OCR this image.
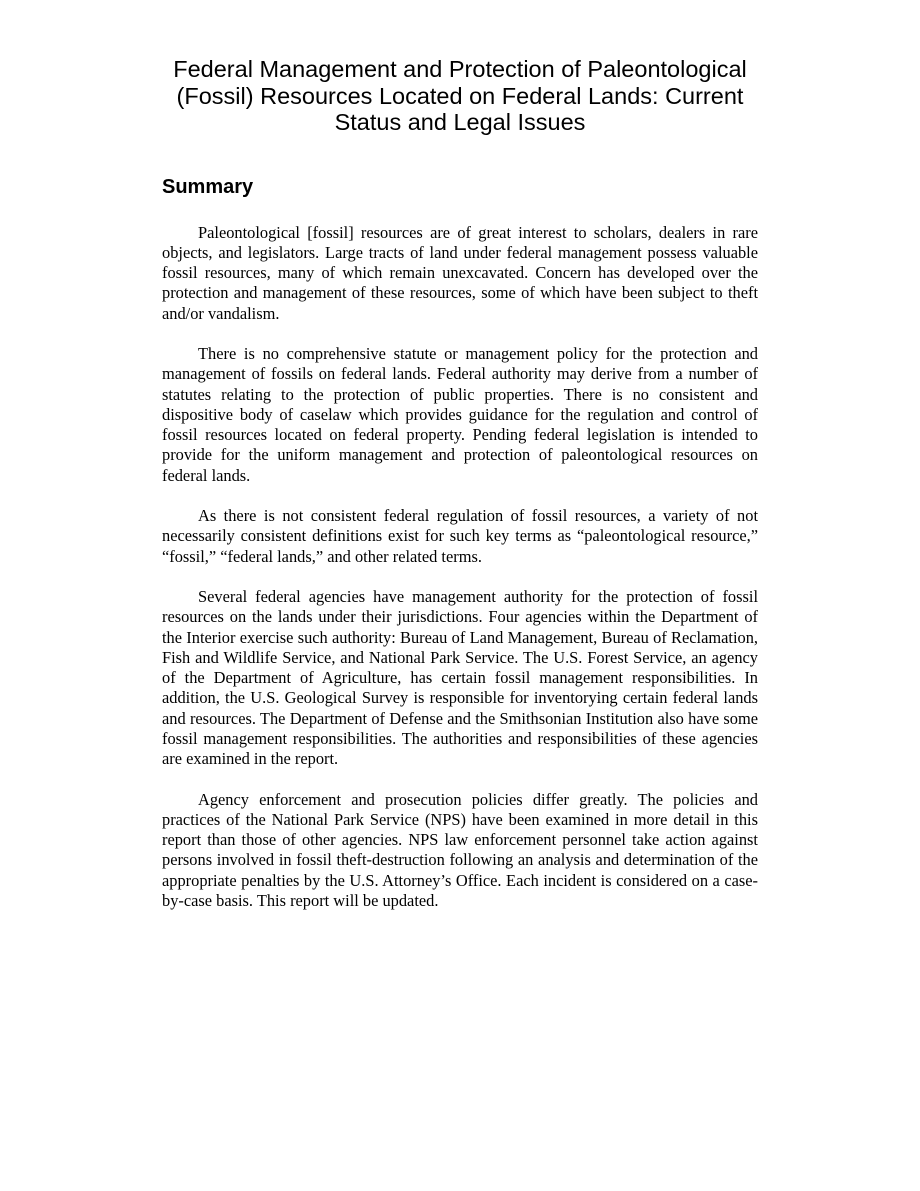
Federal Management and Protection of Paleontological
(Fossil) Resources Located on Federal Lands: Current
Status and Legal Issues
Summary

Paleontological [fossil] resources are of great interest to scholars, dealers in rare objects, and legislators. Large tracts of land under federal management possess valuable fossil resources, many of which remain unexcavated. Concern has developed over the protection and management of these resources, some of which have been subject to theft and/or vandalism.

There is no comprehensive statute or management policy for the protection and management of fossils on federal lands. Federal authority may derive from a number of statutes relating to the protection of public properties. There is no consistent and dispositive body of caselaw which provides guidance for the regulation and control of fossil resources located on federal property. Pending federal legislation is intended to provide for the uniform management and protection of paleontological resources on federal lands.

As there is not consistent federal regulation of fossil resources, a variety of not necessarily consistent definitions exist for such key terms as “paleontological resource,” “fossil,” “federal lands,” and other related terms.

Several federal agencies have management authority for the protection of fossil resources on the lands under their jurisdictions. Four agencies within the Department of the Interior exercise such authority: Bureau of Land Management, Bureau of Reclamation, Fish and Wildlife Service, and National Park Service. The U.S. Forest Service, an agency of the Department of Agriculture, has certain fossil management responsibilities. In addition, the U.S. Geological Survey is responsible for inventorying certain federal lands and resources. The Department of Defense and the Smithsonian Institution also have some fossil management responsibilities. The authorities and responsibilities of these agencies are examined in the report.

Agency enforcement and prosecution policies differ greatly. The policies and practices of the National Park Service (NPS) have been examined in more detail in this report than those of other agencies. NPS law enforcement personnel take action against persons involved in fossil theft-destruction following an analysis and determination of the appropriate penalties by the U.S. Attorney’s Office. Each incident is considered on a case-by-case basis. This report will be updated.
